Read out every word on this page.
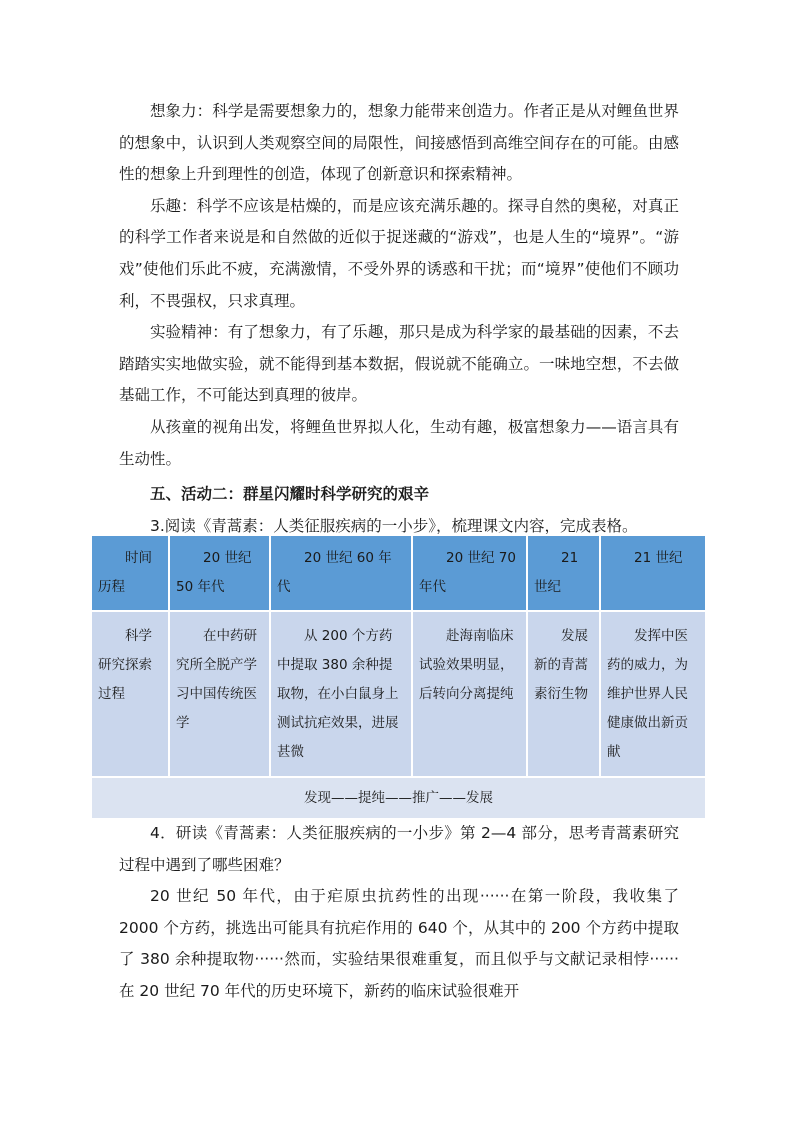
想象力：科学是需要想象力的，想象力能带来创造力。作者正是从对鲤鱼世界的想象中，认识到人类观察空间的局限性，间接感悟到高维空间存在的可能。由感性的想象上升到理性的创造，体现了创新意识和探索精神。

乐趣：科学不应该是枯燥的，而是应该充满乐趣的。探寻自然的奥秘，对真正的科学工作者来说是和自然做的近似于捉迷藏的“游戏”，也是人生的“境界”。“游戏”使他们乐此不疲，充满激情，不受外界的诱惑和干扰；而“境界”使他们不顾功利，不畏强权，只求真理。

实验精神：有了想象力，有了乐趣，那只是成为科学家的最基础的因素，不去踏踏实实地做实验，就不能得到基本数据，假说就不能确立。一味地空想，不去做基础工作，不可能达到真理的彼岸。

从孩童的视角出发，将鲤鱼世界拟人化，生动有趣，极富想象力——语言具有生动性。

五、活动二：群星闪耀时科学研究的艰辛

3.阅读《青蒿素：人类征服疾病的一小步》，梳理课文内容，完成表格。

时间历程	20 世纪 50 年代	20 世纪 60 年代	20 世纪 70 年代	21 世纪	21 世纪
科学研究探索过程	在中药研究所全脱产学习中国传统医学	从 200 个方药中提取 380 余种提取物，在小白鼠身上测试抗疟效果，进展甚微	赴海南临床试验效果明显，后转向分离提纯	发展新的青蒿素衍生物	发挥中医药的威力，为维护世界人民健康做出新贡献
发现——提纯——推广——发展					

4．研读《青蒿素：人类征服疾病的一小步》第 2—4 部分，思考青蒿素研究过程中遇到了哪些困难？

20 世纪 50 年代，由于疟原虫抗药性的出现······在第一阶段，我收集了 2000 个方药，挑选出可能具有抗疟作用的 640 个，从其中的 200 个方药中提取了 380 余种提取物······然而，实验结果很难重复，而且似乎与文献记录相悖······在 20 世纪 70 年代的历史环境下，新药的临床试验很难开
